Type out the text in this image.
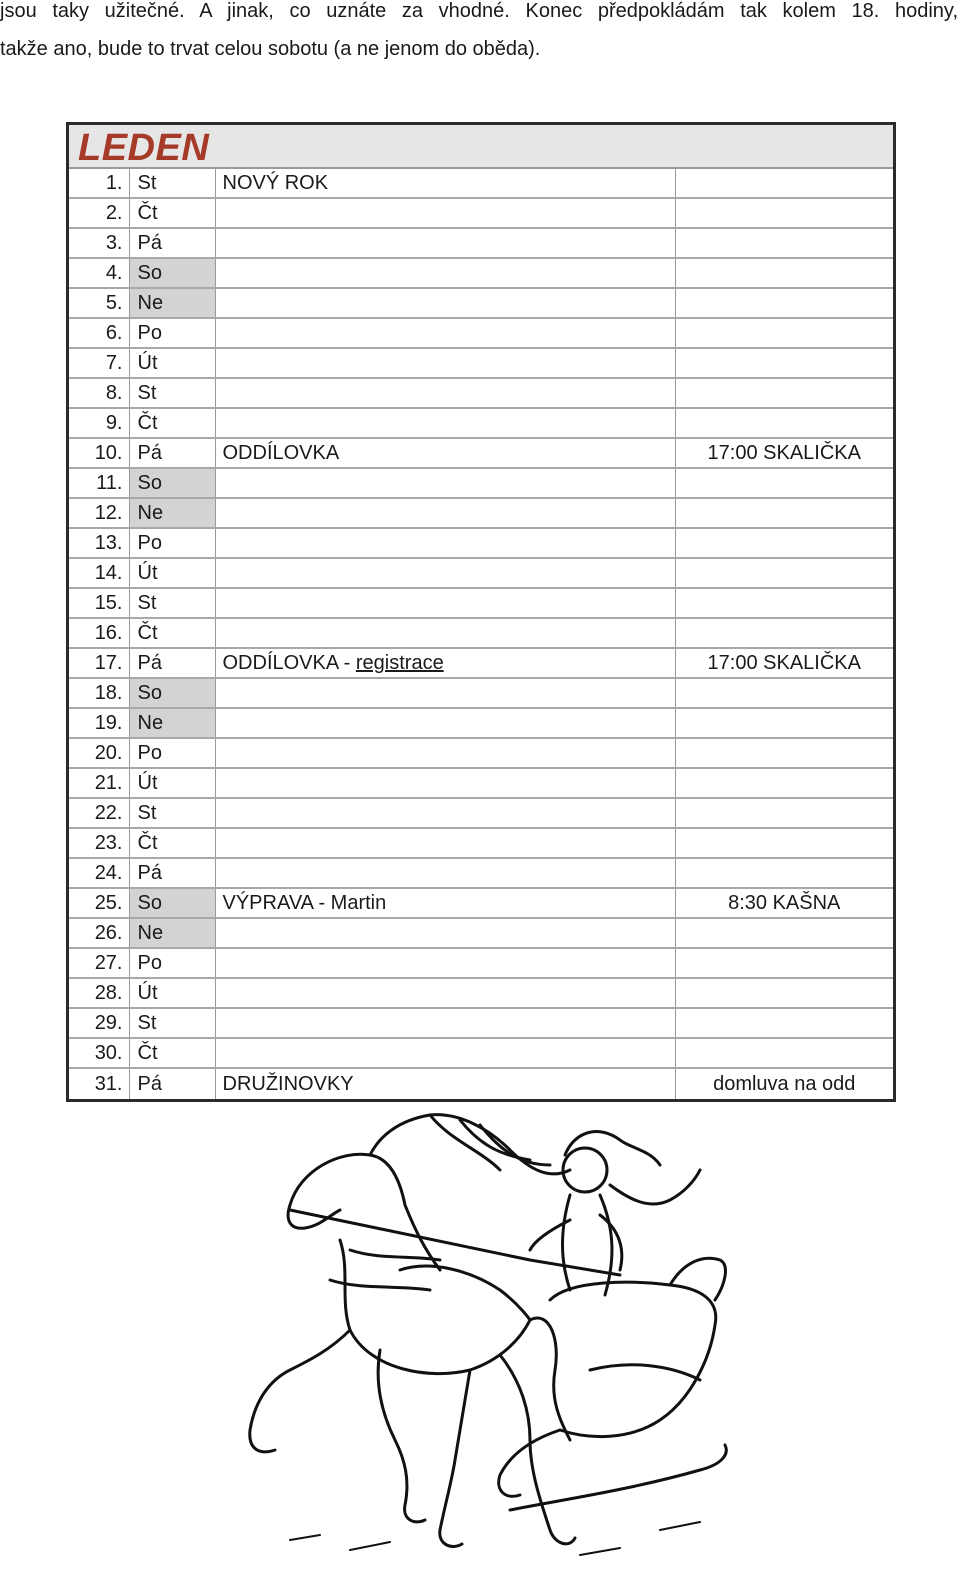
jsou taky užitečné. A jinak, co uznáte za vhodné. Konec předpokládám tak kolem 18. hodiny,

takže ano, bude to trvat celou sobotu (a ne jenom do oběda).

LEDEN
1.	St	NOVÝ ROK	
2.	Čt		
3.	Pá		
4.	So		
5.	Ne		
6.	Po		
7.	Út		
8.	St		
9.	Čt		
10.	Pá	ODDÍLOVKA	17:00 SKALIČKA
11.	So		
12.	Ne		
13.	Po		
14.	Út		
15.	St		
16.	Čt		
17.	Pá	ODDÍLOVKA - registrace	17:00 SKALIČKA
18.	So		
19.	Ne		
20.	Po		
21.	Út		
22.	St		
23.	Čt		
24.	Pá		
25.	So	VÝPRAVA - Martin	8:30 KAŠNA
26.	Ne		
27.	Po		
28.	Út		
29.	St		
30.	Čt		
31.	Pá	DRUŽINOVKY	domluva na odd
